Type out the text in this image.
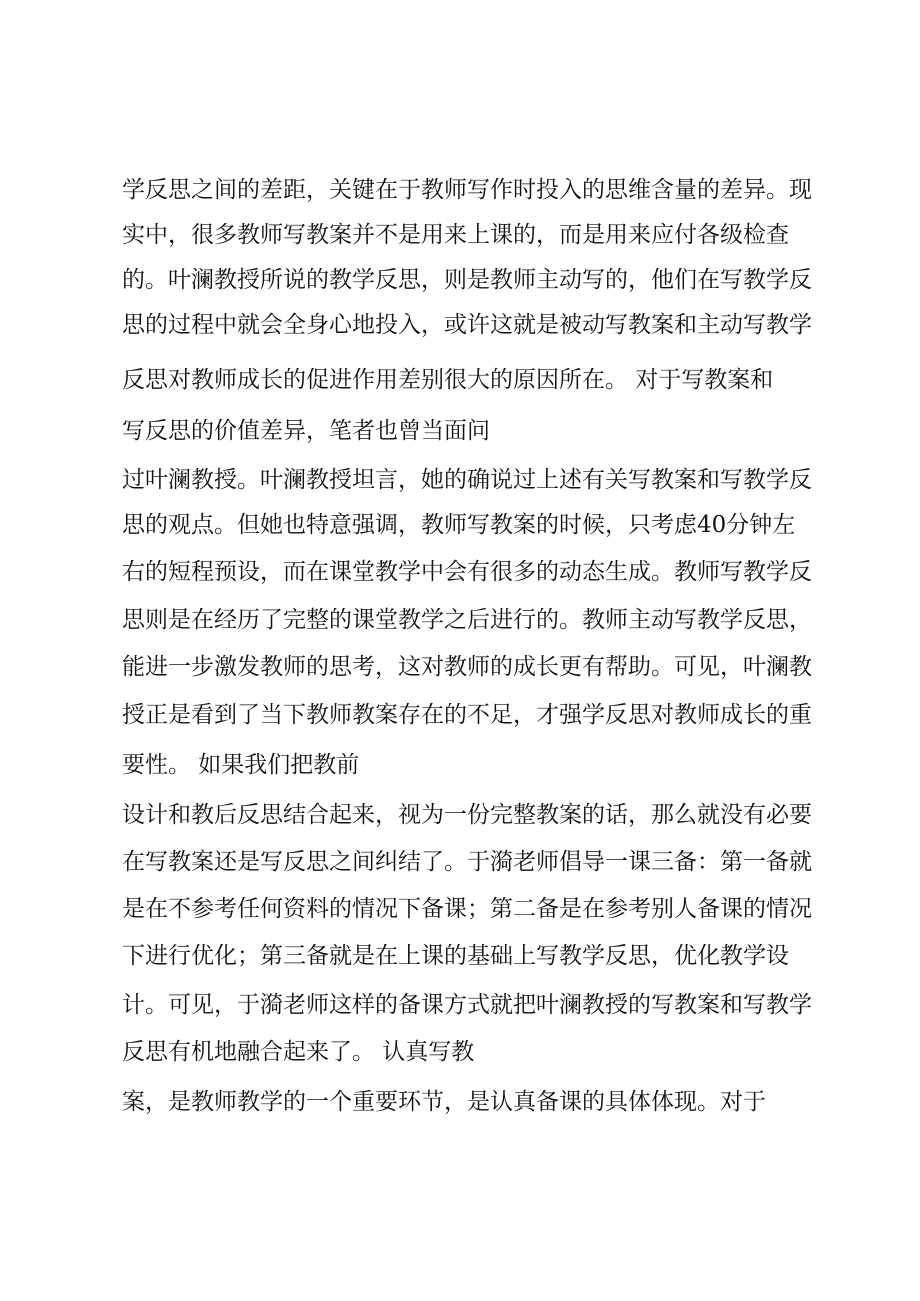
学反思之间的差距，关键在于教师写作时投入的思维含量的差异。现
实中，很多教师写教案并不是用来上课的，而是用来应付各级检查
的。叶澜教授所说的教学反思，则是教师主动写的，他们在写教学反
思的过程中就会全身心地投入，或许这就是被动写教案和主动写教学
反思对教师成长的促进作用差别很大的原因所在。 对于写教案和
写反思的价值差异，笔者也曾当面问
过叶澜教授。叶澜教授坦言，她的确说过上述有关写教案和写教学反
思的观点。但她也特意强调，教师写教案的时候，只考虑40分钟左
右的短程预设，而在课堂教学中会有很多的动态生成。教师写教学反
思则是在经历了完整的课堂教学之后进行的。教师主动写教学反思，
能进一步激发教师的思考，这对教师的成长更有帮助。可见，叶澜教
授正是看到了当下教师教案存在的不足，才强学反思对教师成长的重
要性。 如果我们把教前
设计和教后反思结合起来，视为一份完整教案的话，那么就没有必要
在写教案还是写反思之间纠结了。于漪老师倡导一课三备：第一备就
是在不参考任何资料的情况下备课；第二备是在参考别人备课的情况
下进行优化；第三备就是在上课的基础上写教学反思，优化教学设
计。可见，于漪老师这样的备课方式就把叶澜教授的写教案和写教学
反思有机地融合起来了。 认真写教
案，是教师教学的一个重要环节，是认真备课的具体体现。对于
